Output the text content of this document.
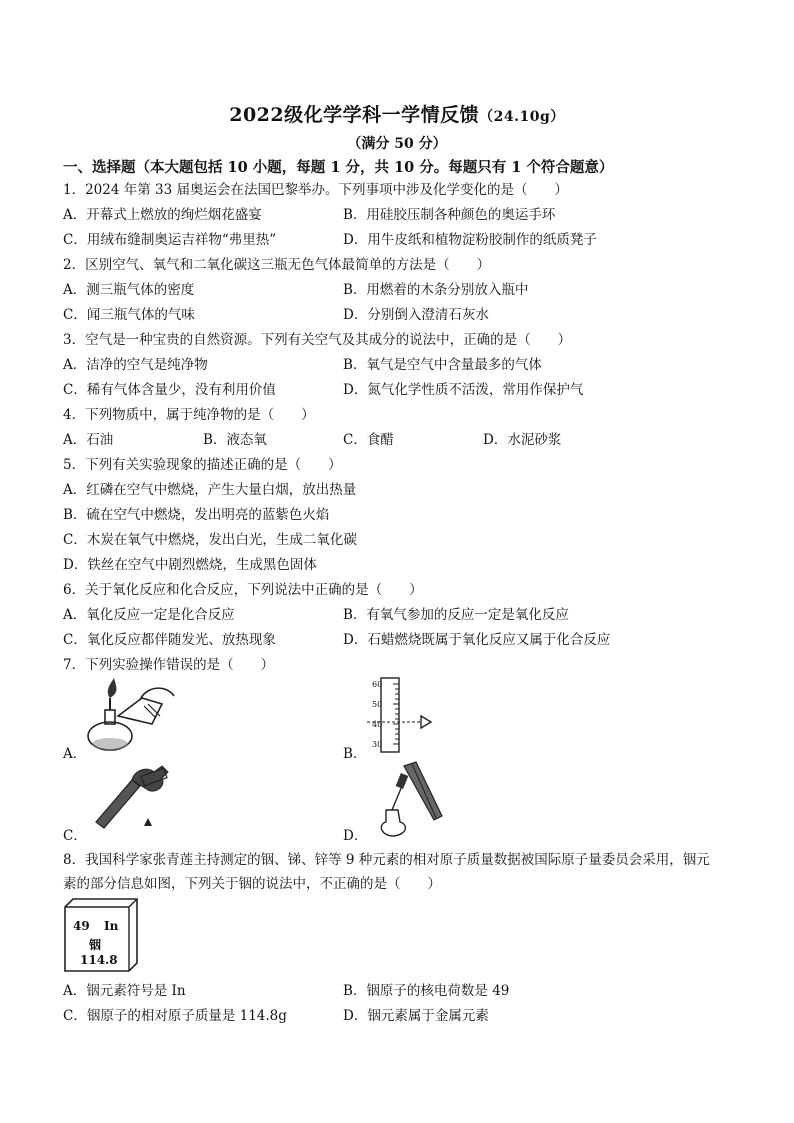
2022级化学学科一学情反馈（24.10g）
（满分 50 分）
一、选择题（本大题包括 10 小题，每题 1 分，共 10 分。每题只有 1 个符合题意）
1．2024 年第 33 届奥运会在法国巴黎举办。下列事项中涉及化学变化的是（　　）
A．开幕式上燃放的绚烂烟花盛宴	B．用硅胶压制各种颜色的奥运手环
C．用绒布缝制奥运吉祥物“弗里热”	D．用牛皮纸和植物淀粉胶制作的纸质凳子
2．区别空气、氧气和二氧化碳这三瓶无色气体最简单的方法是（　　）
A．测三瓶气体的密度	B．用燃着的木条分别放入瓶中
C．闻三瓶气体的气味	D．分别倒入澄清石灰水
3．空气是一种宝贵的自然资源。下列有关空气及其成分的说法中，正确的是（　　）
A．洁净的空气是纯净物	B．氧气是空气中含量最多的气体
C．稀有气体含量少，没有利用价值	D．氮气化学性质不活泼，常用作保护气
4．下列物质中，属于纯净物的是（　　）
A．石油	B．液态氧	C．食醋	D．水泥砂浆
5．下列有关实验现象的描述正确的是（　　）
A．红磷在空气中燃烧，产生大量白烟，放出热量
B．硫在空气中燃烧，发出明亮的蓝紫色火焰
C．木炭在氧气中燃烧，发出白光，生成二氧化碳
D．铁丝在空气中剧烈燃烧，生成黑色固体
6．关于氧化反应和化合反应，下列说法中正确的是（　　）
A．氧化反应一定是化合反应	B．有氧气参加的反应一定是氧化反应
C．氧化反应都伴随发光、放热现象	D．石蜡燃烧既属于氧化反应又属于化合反应
7．下列实验操作错误的是（　　）
A．
60
50
40
30
B．
C．	D．
8．我国科学家张青莲主持测定的铟、锑、锌等 9 种元素的相对原子质量数据被国际原子量委员会采用，铟元
素的部分信息如图，下列关于铟的说法中，不正确的是（　　）
49 In
铟
114.8
A．铟元素符号是 In	B．铟原子的核电荷数是 49
C．铟原子的相对原子质量是 114.8g	D．铟元素属于金属元素
